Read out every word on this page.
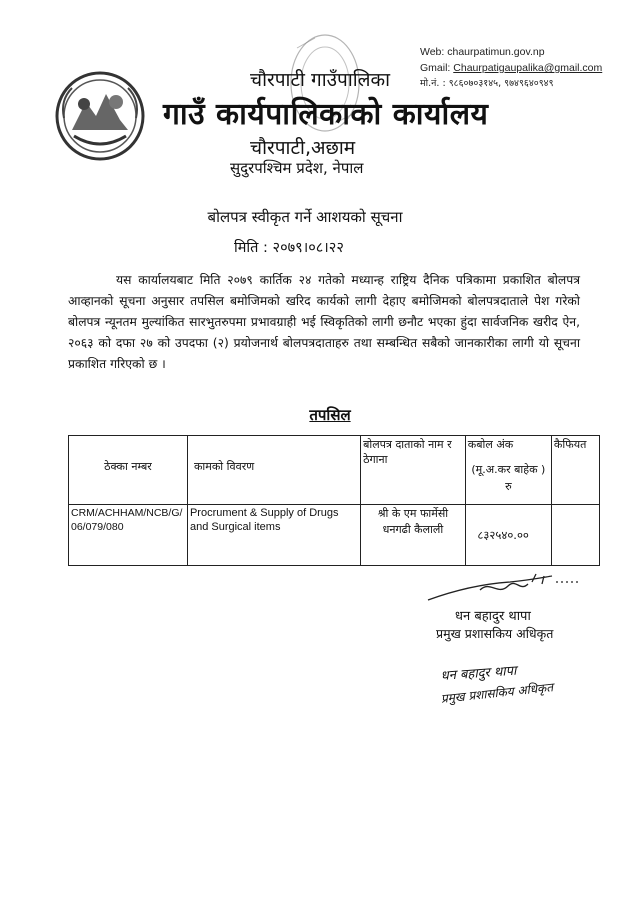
Web: chaurpatimun.gov.np
Gmail: Chaurpatigaupalika@gmail.com
मो.नं. : ९८६०७०३१४५, ९७४९६४०९४९
चौरपाटी गाउँपालिका
गाउँ कार्यपालिकाको कार्यालय
चौरपाटी,अछाम
सुदुरपश्चिम प्रदेश, नेपाल
बोलपत्र स्वीकृत गर्ने आशयको सूचना
मिति : २०७९।०८।२२
यस कार्यालयबाट मिति २०७९ कार्तिक २४ गतेको मध्यान्ह राष्ट्रिय दैनिक पत्रिकामा प्रकाशित बोलपत्र आव्हानको सूचना अनुसार तपसिल बमोजिमको खरिद कार्यको लागी देहाए बमोजिमको बोलपत्रदाताले पेश गरेको बोलपत्र न्यूनतम मुल्यांकित सारभुतरुपमा प्रभावग्राही भई स्विकृतिको लागी छनौट भएका हुंदा सार्वजनिक खरीद ऐन, २०६३ को दफा २७ को उपदफा (२) प्रयोजनार्थ बोलपत्रदाताहरु तथा सम्बन्धित सबैको जानकारीका लागी यो सूचना प्रकाशित गरिएको छ ।
तपसिल
ठेक्का नम्बर	कामको विवरण	बोलपत्र दाताको नाम र ठेगाना	कबोल अंक
(मू.अ.कर बाहेक )
रु	कैफियत
CRM/ACHHAM/NCB/G/06/079/080	Procrument & Supply of Drugs and Surgical items	श्री के एम फार्मेसी
धनगढी कैलाली	८३२५४०.००	

धन बहादुर थापा
प्रमुख प्रशासकिय अधिकृत
धन बहादुर थापा
प्रमुख प्रशासकिय अधिकृत
